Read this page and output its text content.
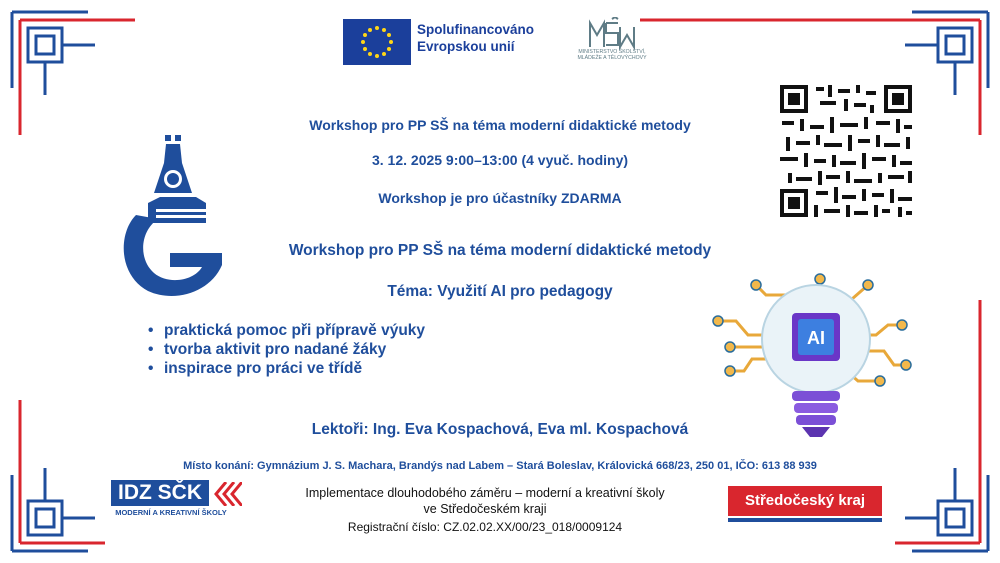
Spolufinancováno
Evropskou unií	MINISTERSTVO ŠKOLSTVÍ,
MLÁDEŽE A TĚLOVÝCHOVY
Workshop pro PP SŠ na téma moderní didaktické metody
3. 12. 2025 9:00–13:00 (4 vyuč. hodiny)
Workshop je pro účastníky ZDARMA
Workshop pro PP SŠ na téma moderní didaktické metody
Téma: Využití AI pro pedagogy
• praktická pomoc při přípravě výuky
• tvorba aktivit pro nadané žáky
• inspirace pro práci ve třídě
AI
Lektoři: Ing. Eva Kospachová, Eva ml. Kospachová
Místo konání: Gymnázium J. S. Machara, Brandýs nad Labem – Stará Boleslav, Královická 668/23, 250 01, IČO: 613 88 939
IDZ SČK
MODERNÍ A KREATIVNÍ ŠKOLY
Implementace dlouhodobého záměru – moderní a kreativní školy
ve Středočeském kraji
Registrační číslo: CZ.02.02.XX/00/23_018/0009124
Středočeský kraj
